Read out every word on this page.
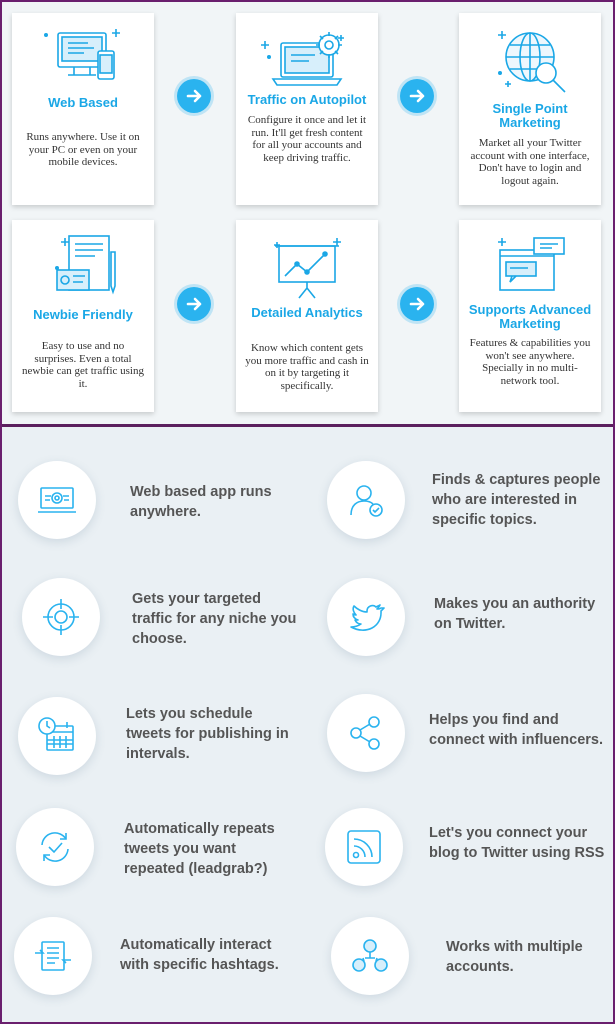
Web Based
Runs anywhere. Use it on your PC or even on your mobile devices.
Traffic on Autopilot
Configure it once and let it run. It'll get fresh content for all your accounts and keep driving traffic.
Single Point Marketing
Market all your Twitter account with one interface, Don't have to login and logout again.
Newbie Friendly
Easy to use and no surprises. Even a total newbie can get traffic using it.
Detailed Analytics
Know which content gets you more traffic and cash in on it by targeting it specifically.
Supports Advanced Marketing
Features & capabilities you won't see anywhere. Specially in no multi-network tool.
Web based app runs anywhere.
Gets your targeted traffic for any niche you choose.
Lets you schedule tweets for publishing in intervals.
Automatically repeats tweets you want repeated (leadgrab?)
Automatically interact with specific hashtags.
Finds & captures people who are interested in specific topics.
Makes you an authority on Twitter.
Helps you find and connect with influencers.
Let's you connect your blog to Twitter using RSS
Works with multiple accounts.
